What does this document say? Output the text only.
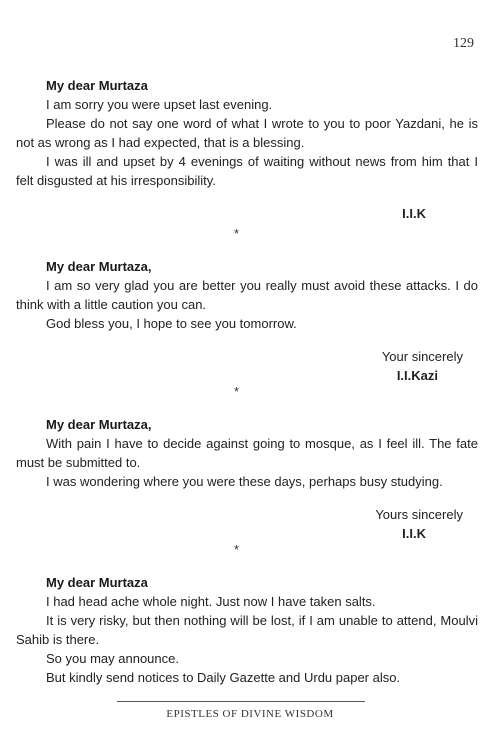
129
My dear Murtaza

I am sorry you were upset last evening.

Please do not say one word of what I wrote to you to poor Yazdani, he is not as wrong as I had expected, that is a blessing.

I was ill and upset by 4 evenings of waiting without news from him that I felt disgusted at his irresponsibility.

I.I.K
*
My dear Murtaza,

I am so very glad you are better you really must avoid these attacks. I do think with a little caution you can.

God bless you, I hope to see you tomorrow.

Your sincerely
I.I.Kazi
*
My dear Murtaza,

With pain I have to decide against going to mosque, as I feel ill. The fate must be submitted to.

I was wondering where you were these days, perhaps busy studying.

Yours sincerely
I.I.K
*
My dear Murtaza

I had head ache whole night. Just now I have taken salts.

It is very risky, but then nothing will be lost, if I am unable to attend, Moulvi Sahib is there.

So you may announce.

But kindly send notices to Daily Gazette and Urdu paper also.

EPISTLES OF DIVINE WISDOM
